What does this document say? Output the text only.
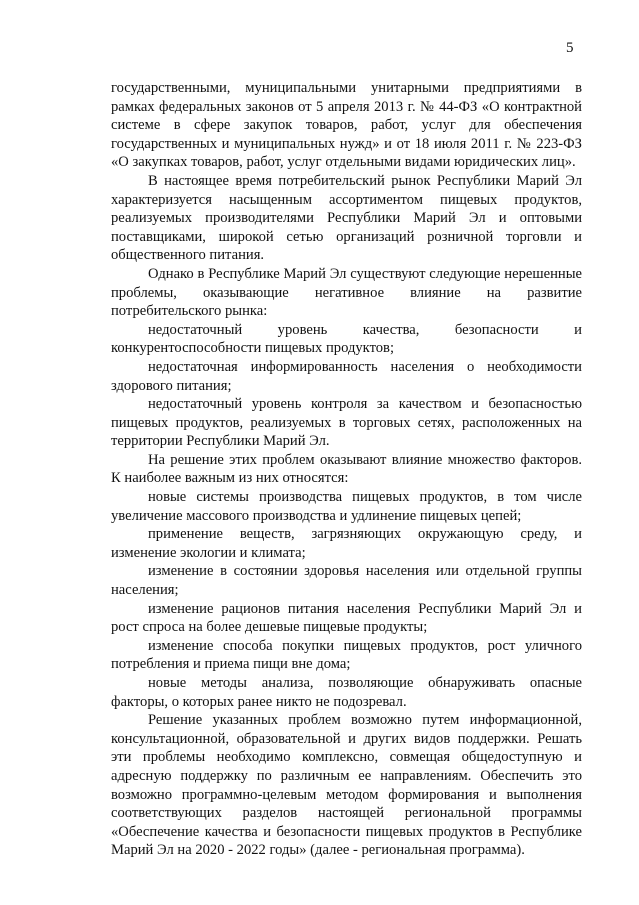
5

государственными, муниципальными унитарными предприятиями в рамках федеральных законов от 5 апреля 2013 г. № 44-ФЗ «О контрактной системе в сфере закупок товаров, работ, услуг для обеспечения государственных и муниципальных нужд» и от 18 июля 2011 г. № 223-ФЗ «О закупках товаров, работ, услуг отдельными видами юридических лиц».

В настоящее время потребительский рынок Республики Марий Эл характеризуется насыщенным ассортиментом пищевых продуктов, реализуемых производителями Республики Марий Эл и оптовыми поставщиками, широкой сетью организаций розничной торговли и общественного питания.

Однако в Республике Марий Эл существуют следующие нерешенные проблемы, оказывающие негативное влияние на развитие потребительского рынка:

недостаточный уровень качества, безопасности и конкурентоспособности пищевых продуктов;

недостаточная информированность населения о необходимости здорового питания;

недостаточный уровень контроля за качеством и безопасностью пищевых продуктов, реализуемых в торговых сетях, расположенных на территории Республики Марий Эл.

На решение этих проблем оказывают влияние множество факторов. К наиболее важным из них относятся:

новые системы производства пищевых продуктов, в том числе увеличение массового производства и удлинение пищевых цепей;

применение веществ, загрязняющих окружающую среду, и изменение экологии и климата;

изменение в состоянии здоровья населения или отдельной группы населения;

изменение рационов питания населения Республики Марий Эл и рост спроса на более дешевые пищевые продукты;

изменение способа покупки пищевых продуктов, рост уличного потребления и приема пищи вне дома;

новые методы анализа, позволяющие обнаруживать опасные факторы, о которых ранее никто не подозревал.

Решение указанных проблем возможно путем информационной, консультационной, образовательной и других видов поддержки. Решать эти проблемы необходимо комплексно, совмещая общедоступную и адресную поддержку по различным ее направлениям. Обеспечить это возможно программно-целевым методом формирования и выполнения соответствующих разделов настоящей региональной программы «Обеспечение качества и безопасности пищевых продуктов в Республике Марий Эл на 2020 - 2022 годы» (далее - региональная программа).
